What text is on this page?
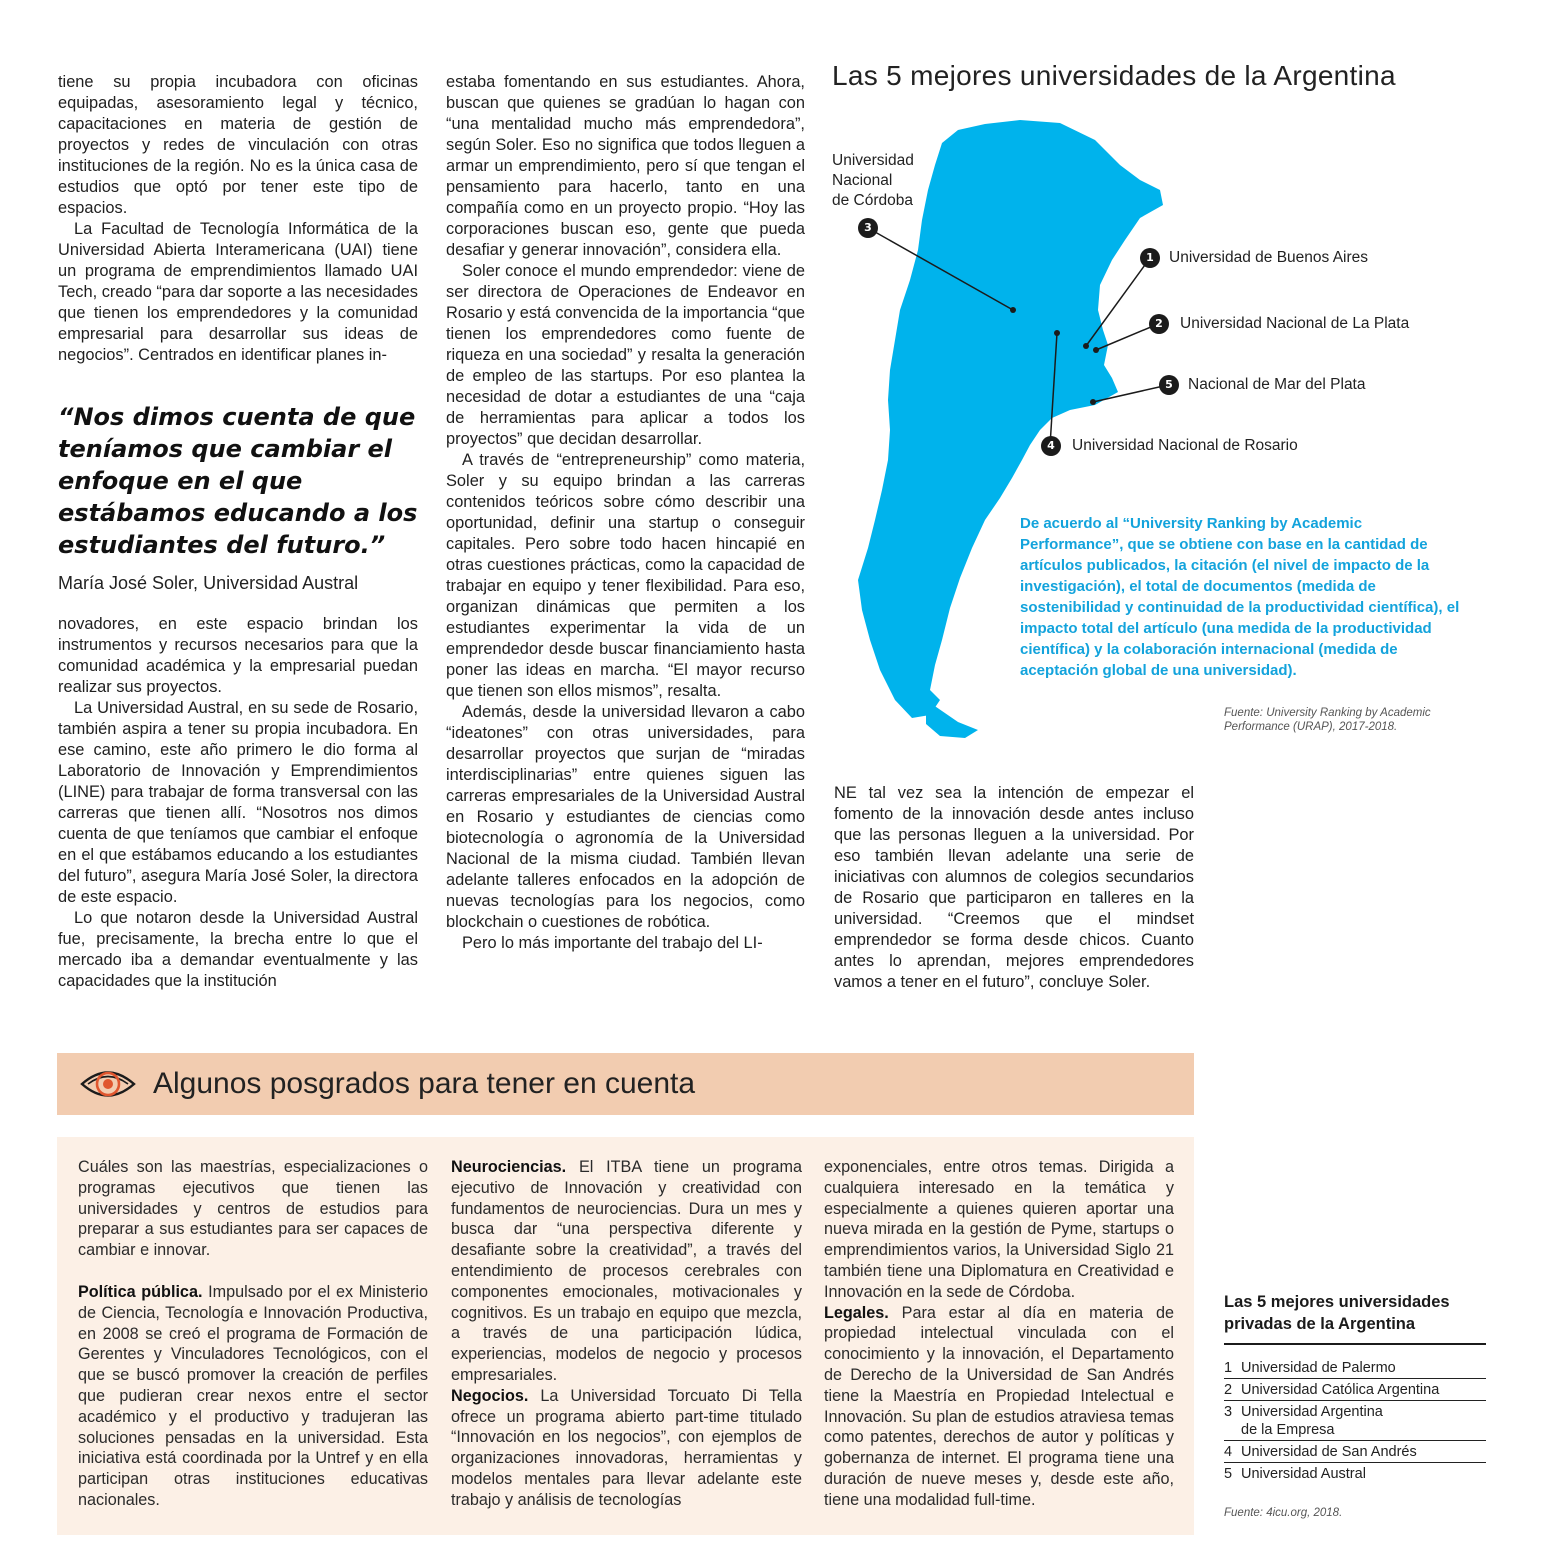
tiene su propia incubadora con oficinas equipadas, asesoramiento legal y técnico, capacitaciones en materia de gestión de proyectos y redes de vinculación con otras instituciones de la región. No es la única casa de estudios que optó por tener este tipo de espacios.

La Facultad de Tecnología Informática de la Universidad Abierta Interamericana (UAI) tiene un programa de emprendimientos llamado UAI Tech, creado “para dar soporte a las necesidades que tienen los emprendedores y la comunidad empresarial para desarrollar sus ideas de negocios”. Centrados en identificar planes in-

“Nos dimos cuenta de que teníamos que cambiar el enfoque en el que estábamos educando a los estudiantes del futuro.”
María José Soler, Universidad Austral

novadores, en este espacio brindan los instrumentos y recursos necesarios para que la comunidad académica y la empresarial puedan realizar sus proyectos.

La Universidad Austral, en su sede de Rosario, también aspira a tener su propia incubadora. En ese camino, este año primero le dio forma al Laboratorio de Innovación y Emprendimientos (LINE) para trabajar de forma transversal con las carreras que tienen allí. “Nosotros nos dimos cuenta de que teníamos que cambiar el enfoque en el que estábamos educando a los estudiantes del futuro”, asegura María José Soler, la directora de este espacio.

Lo que notaron desde la Universidad Austral fue, precisamente, la brecha entre lo que el mercado iba a demandar eventualmente y las capacidades que la institución

estaba fomentando en sus estudiantes. Ahora, buscan que quienes se gradúan lo hagan con “una mentalidad mucho más emprendedora”, según Soler. Eso no significa que todos lleguen a armar un emprendimiento, pero sí que tengan el pensamiento para hacerlo, tanto en una compañía como en un proyecto propio. “Hoy las corporaciones buscan eso, gente que pueda desafiar y generar innovación”, considera ella.

Soler conoce el mundo emprendedor: viene de ser directora de Operaciones de Endeavor en Rosario y está convencida de la importancia “que tienen los emprendedores como fuente de riqueza en una sociedad” y resalta la generación de empleo de las startups. Por eso plantea la necesidad de dotar a estudiantes de una “caja de herramientas para aplicar a todos los proyectos” que decidan desarrollar.

A través de “entrepreneurship” como materia, Soler y su equipo brindan a las carreras contenidos teóricos sobre cómo describir una oportunidad, definir una startup o conseguir capitales. Pero sobre todo hacen hincapié en otras cuestiones prácticas, como la capacidad de trabajar en equipo y tener flexibilidad. Para eso, organizan dinámicas que permiten a los estudiantes experimentar la vida de un emprendedor desde buscar financiamiento hasta poner las ideas en marcha. “El mayor recurso que tienen son ellos mismos”, resalta.

Además, desde la universidad llevaron a cabo “ideatones” con otras universidades, para desarrollar proyectos que surjan de “miradas interdisciplinarias” entre quienes siguen las carreras empresariales de la Universidad Austral en Rosario y estudiantes de ciencias como biotecnología o agronomía de la Universidad Nacional de la misma ciudad. También llevan adelante talleres enfocados en la adopción de nuevas tecnologías para los negocios, como blockchain o cuestiones de robótica.

Pero lo más importante del trabajo del LI-

Las 5 mejores universidades de la Argentina
Universidad
Nacional
de Córdoba
3
1 Universidad de Buenos Aires
2	Universidad Nacional de La Plata
5 Nacional de Mar del Plata
4	Universidad Nacional de Rosario
De acuerdo al “University Ranking by Academic Performance”, que se obtiene con base en la cantidad de artículos publicados, la citación (el nivel de impacto de la investigación), el total de documentos (medida de sostenibilidad y continuidad de la productividad científica), el impacto total del artículo (una medida de la productividad científica) y la colaboración internacional (medida de aceptación global de una universidad).
Fuente: University Ranking by Academic
Performance (URAP), 2017-2018.

NE tal vez sea la intención de empezar el fomento de la innovación desde antes incluso que las personas lleguen a la universidad. Por eso también llevan adelante una serie de iniciativas con alumnos de colegios secundarios de Rosario que participaron en talleres en la universidad. “Creemos que el mindset emprendedor se forma desde chicos. Cuanto antes lo aprendan, mejores emprendedores vamos a tener en el futuro”, concluye Soler.

Algunos posgrados para tener en cuenta

Cuáles son las maestrías, especializaciones o programas ejecutivos que tienen las universidades y centros de estudios para preparar a sus estudiantes para ser capaces de cambiar e innovar.

Política pública. Impulsado por el ex Ministerio de Ciencia, Tecnología e Innovación Productiva, en 2008 se creó el programa de Formación de Gerentes y Vinculadores Tecnológicos, con el que se buscó promover la creación de perfiles que pudieran crear nexos entre el sector académico y el productivo y tradujeran las soluciones pensadas en la universidad. Esta iniciativa está coordinada por la Untref y en ella participan otras instituciones educativas nacionales.

Neurociencias. El ITBA tiene un programa ejecutivo de Innovación y creatividad con fundamentos de neurociencias. Dura un mes y busca dar “una perspectiva diferente y desafiante sobre la creatividad”, a través del entendimiento de procesos cerebrales con componentes emocionales, motivacionales y cognitivos. Es un trabajo en equipo que mezcla, a través de una participación lúdica, experiencias, modelos de negocio y procesos empresariales.

Negocios. La Universidad Torcuato Di Tella ofrece un programa abierto part-time titulado “Innovación en los negocios”, con ejemplos de organizaciones innovadoras, herramientas y modelos mentales para llevar adelante este trabajo y análisis de tecnologías

exponenciales, entre otros temas. Dirigida a cualquiera interesado en la temática y especialmente a quienes quieren aportar una nueva mirada en la gestión de Pyme, startups o emprendimientos varios, la Universidad Siglo 21 también tiene una Diplomatura en Creatividad e Innovación en la sede de Córdoba.

Legales. Para estar al día en materia de propiedad intelectual vinculada con el conocimiento y la innovación, el Departamento de Derecho de la Universidad de San Andrés tiene la Maestría en Propiedad Intelectual e Innovación. Su plan de estudios atraviesa temas como patentes, derechos de autor y políticas y gobernanza de internet. El programa tiene una duración de nueve meses y, desde este año, tiene una modalidad full-time.

Las 5 mejores universidades
privadas de la Argentina
1 Universidad de Palermo
2 Universidad Católica Argentina
3 Universidad Argentina
de la Empresa
4 Universidad de San Andrés
5 Universidad Austral
Fuente: 4icu.org, 2018.
